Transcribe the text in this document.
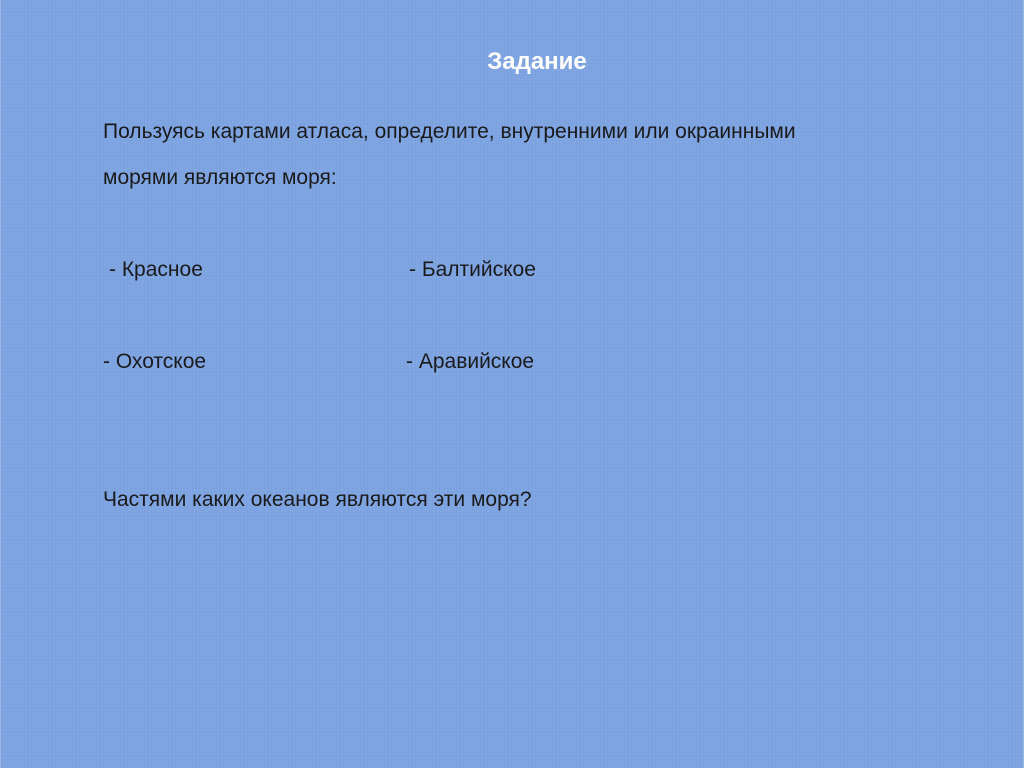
Задание

Пользуясь картами атласа, определите, внутренними или окраинными

морями являются моря:

- Красное	- Балтийское

- Охотское	- Аравийское

Частями каких океанов являются эти моря?
